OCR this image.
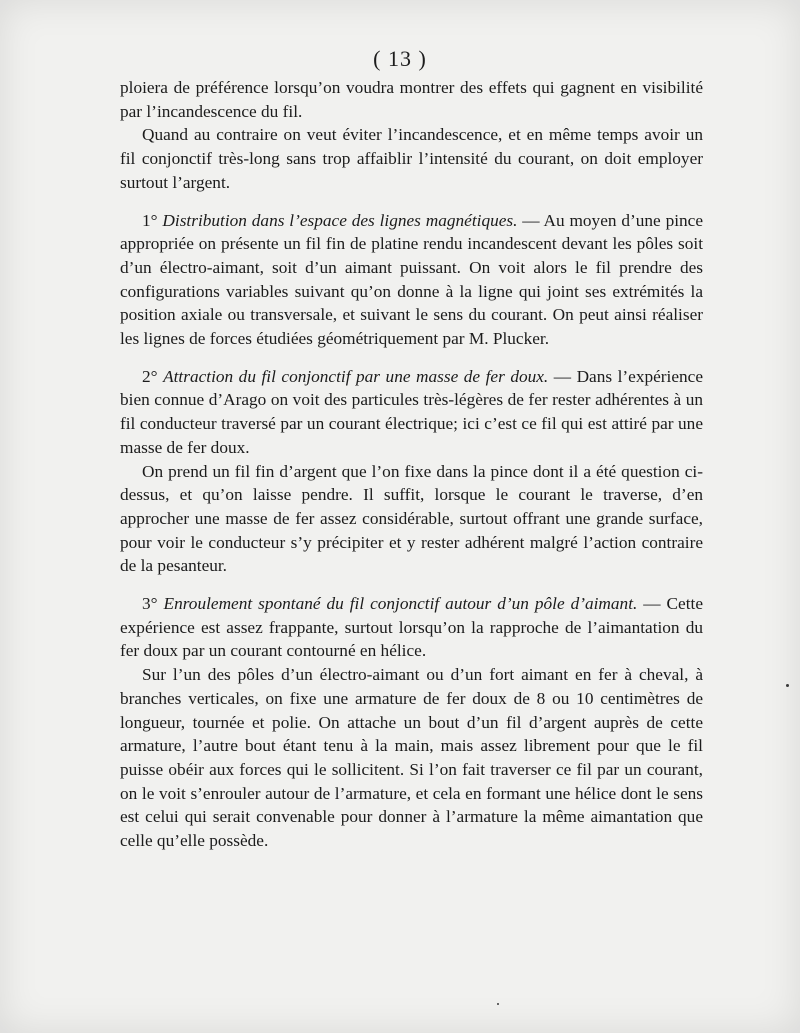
( 13 )

ploiera de préférence lorsqu’on voudra montrer des effets qui gagnent en visibilité par l’incandescence du fil.

Quand au contraire on veut éviter l’incandescence, et en même temps avoir un fil conjonctif très-long sans trop affaiblir l’intensité du courant, on doit employer surtout l’argent.

1° Distribution dans l’espace des lignes magnétiques. — Au moyen d’une pince appropriée on présente un fil fin de platine rendu incandescent devant les pôles soit d’un électro-aimant, soit d’un aimant puissant. On voit alors le fil prendre des configurations variables suivant qu’on donne à la ligne qui joint ses extrémités la position axiale ou transversale, et suivant le sens du courant. On peut ainsi réaliser les lignes de forces étudiées géométriquement par M. Plucker.

2° Attraction du fil conjonctif par une masse de fer doux. — Dans l’expérience bien connue d’Arago on voit des particules très-légères de fer rester adhérentes à un fil conducteur traversé par un courant électrique; ici c’est ce fil qui est attiré par une masse de fer doux.

On prend un fil fin d’argent que l’on fixe dans la pince dont il a été question ci-dessus, et qu’on laisse pendre. Il suffit, lorsque le courant le traverse, d’en approcher une masse de fer assez considérable, surtout offrant une grande surface, pour voir le conducteur s’y précipiter et y rester adhérent malgré l’action contraire de la pesanteur.

3° Enroulement spontané du fil conjonctif autour d’un pôle d’aimant. — Cette expérience est assez frappante, surtout lorsqu’on la rapproche de l’aimantation du fer doux par un courant contourné en hélice.

Sur l’un des pôles d’un électro-aimant ou d’un fort aimant en fer à cheval, à branches verticales, on fixe une armature de fer doux de 8 ou 10 centimètres de longueur, tournée et polie. On attache un bout d’un fil d’argent auprès de cette armature, l’autre bout étant tenu à la main, mais assez librement pour que le fil puisse obéir aux forces qui le sollicitent. Si l’on fait traverser ce fil par un courant, on le voit s’enrouler autour de l’armature, et cela en formant une hélice dont le sens est celui qui serait convenable pour donner à l’armature la même aimantation que celle qu’elle possède.
